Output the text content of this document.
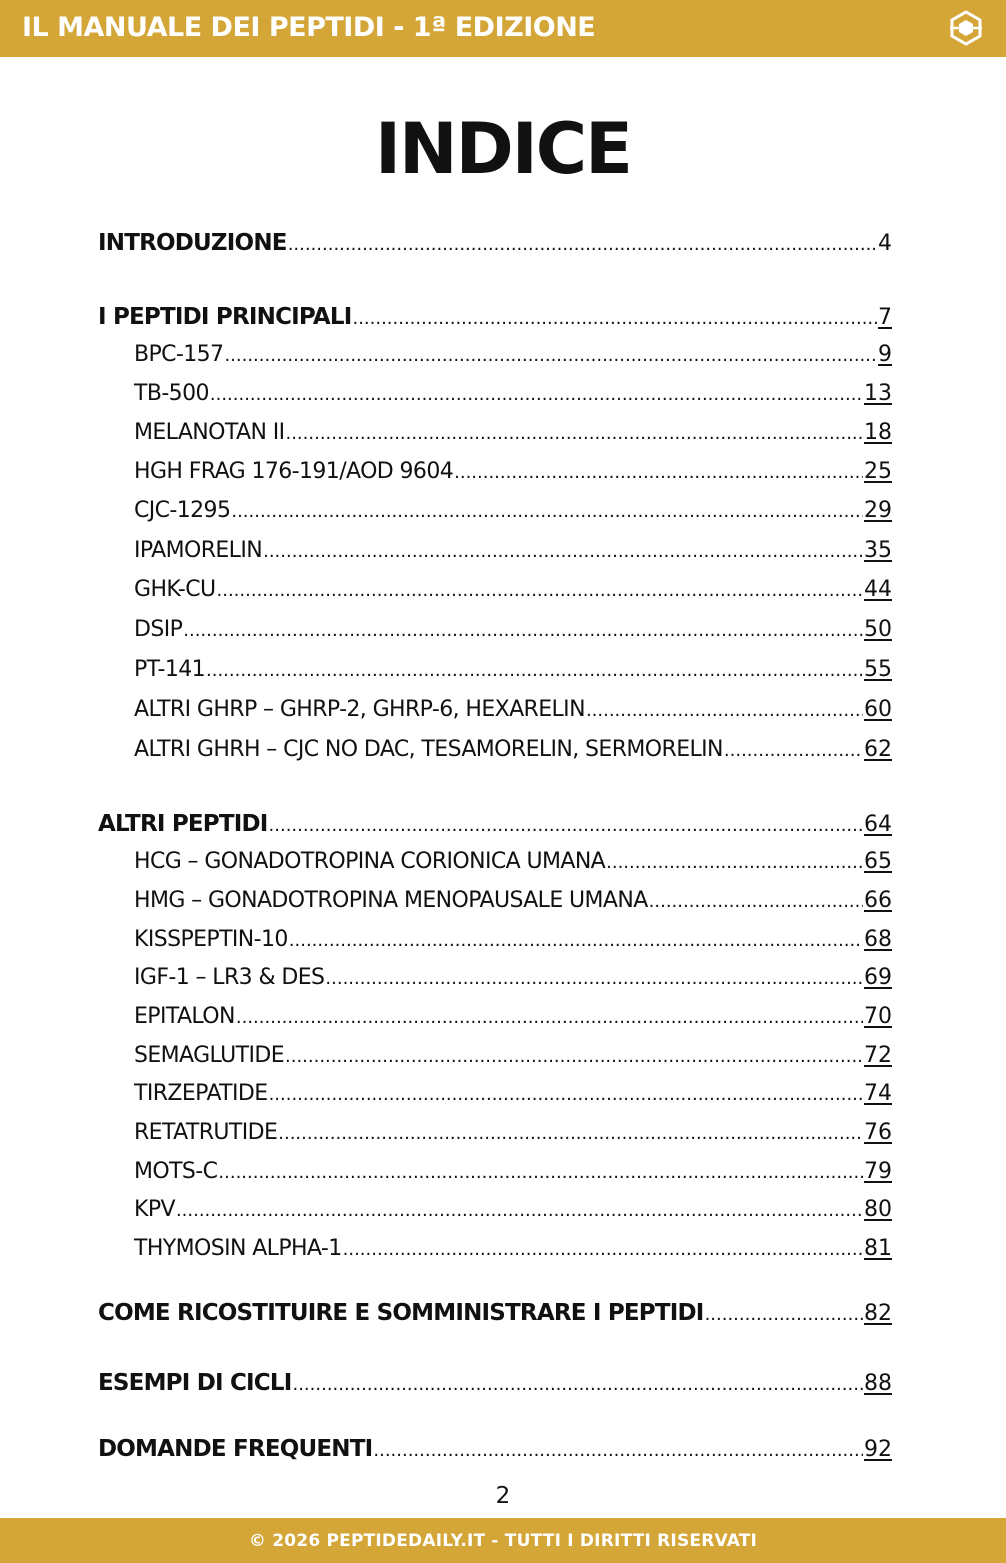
IL MANUALE DEI PEPTIDI - 1ª EDIZIONE
INDICE
INTRODUZIONE .....	4
I PEPTIDI PRINCIPALI .....	7
BPC-157 .....	9
TB-500 .....	13
MELANOTAN II .....	18
HGH FRAG 176-191/AOD 9604 .....	25
CJC-1295 .....	29
IPAMORELIN .....	35
GHK-CU .....	44
DSIP .....	50
PT-141 .....	55
ALTRI GHRP – GHRP-2, GHRP-6, HEXARELIN .....	60
ALTRI GHRH – CJC NO DAC, TESAMORELIN, SERMORELIN .....	62
ALTRI PEPTIDI .....	64
HCG – GONADOTROPINA CORIONICA UMANA .....	65
HMG – GONADOTROPINA MENOPAUSALE UMANA .....	66
KISSPEPTIN-10 .....	68
IGF-1 – LR3 & DES .....	69
EPITALON .....	70
SEMAGLUTIDE .....	72
TIRZEPATIDE .....	74
RETATRUTIDE .....	76
MOTS-C .....	79
KPV .....	80
THYMOSIN ALPHA-1 .....	81
COME RICOSTITUIRE E SOMMINISTRARE I PEPTIDI .....	82
ESEMPI DI CICLI .....	88
DOMANDE FREQUENTI .....	92
2
© 2026 PEPTIDEDAILY.IT - TUTTI I DIRITTI RISERVATI
